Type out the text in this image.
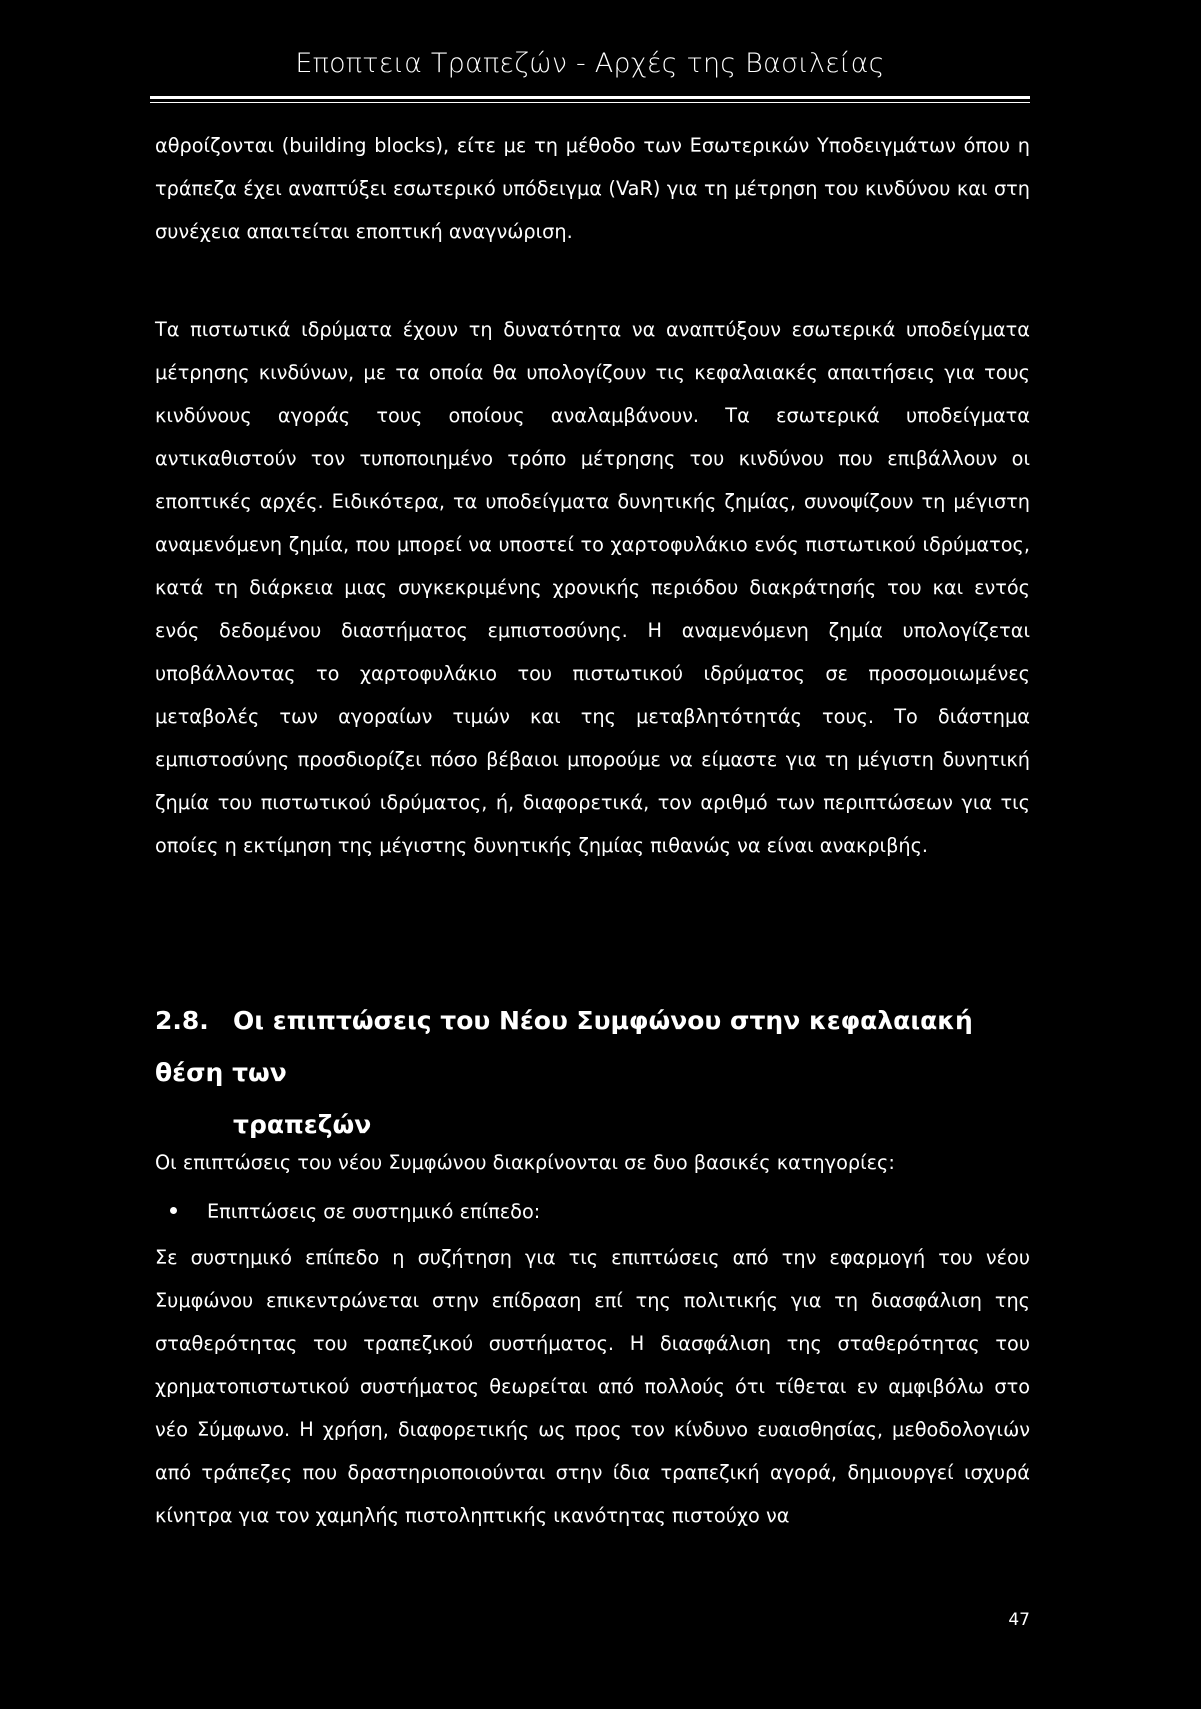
Εποπτεια Τραπεζών - Αρχές της Βασιλείας

αθροίζονται (building blocks), είτε με τη μέθοδο των Εσωτερικών Υποδειγμάτων όπου η τράπεζα έχει αναπτύξει εσωτερικό υπόδειγμα (VaR) για τη μέτρηση του κινδύνου και στη συνέχεια απαιτείται εποπτική αναγνώριση.

Τα πιστωτικά ιδρύματα έχουν τη δυνατότητα να αναπτύξουν εσωτερικά υποδείγματα μέτρησης κινδύνων, με τα οποία θα υπολογίζουν τις κεφαλαιακές απαιτήσεις για τους κινδύνους αγοράς τους οποίους αναλαμβάνουν. Τα εσωτερικά υποδείγματα αντικαθιστούν τον τυποποιημένο τρόπο μέτρησης του κινδύνου που επιβάλλουν οι εποπτικές αρχές. Ειδικότερα, τα υποδείγματα δυνητικής ζημίας, συνοψίζουν τη μέγιστη αναμενόμενη ζημία, που μπορεί να υποστεί το χαρτοφυλάκιο ενός πιστωτικού ιδρύματος, κατά τη διάρκεια μιας συγκεκριμένης χρονικής περιόδου διακράτησής του και εντός ενός δεδομένου διαστήματος εμπιστοσύνης. Η αναμενόμενη ζημία υπολογίζεται υποβάλλοντας το χαρτοφυλάκιο του πιστωτικού ιδρύματος σε προσομοιωμένες μεταβολές των αγοραίων τιμών και της μεταβλητότητάς τους. Το διάστημα εμπιστοσύνης προσδιορίζει πόσο βέβαιοι μπορούμε να είμαστε για τη μέγιστη δυνητική ζημία του πιστωτικού ιδρύματος, ή, διαφορετικά, τον αριθμό των περιπτώσεων για τις οποίες η εκτίμηση της μέγιστης δυνητικής ζημίας πιθανώς να είναι ανακριβής.

2.8. Οι επιπτώσεις του Νέου Συμφώνου στην κεφαλαιακή θέση των
τραπεζών

Οι επιπτώσεις του νέου Συμφώνου διακρίνονται σε δυο βασικές κατηγορίες:

Επιπτώσεις σε συστημικό επίπεδο:

Σε συστημικό επίπεδο η συζήτηση για τις επιπτώσεις από την εφαρμογή του νέου Συμφώνου επικεντρώνεται στην επίδραση επί της πολιτικής για τη διασφάλιση της σταθερότητας του τραπεζικού συστήματος. Η διασφάλιση της σταθερότητας του χρηματοπιστωτικού συστήματος θεωρείται από πολλούς ότι τίθεται εν αμφιβόλω στο νέο Σύμφωνο. Η χρήση, διαφορετικής ως προς τον κίνδυνο ευαισθησίας, μεθοδολογιών από τράπεζες που δραστηριοποιούνται στην ίδια τραπεζική αγορά, δημιουργεί ισχυρά κίνητρα για τον χαμηλής πιστοληπτικής ικανότητας πιστούχο να

47
